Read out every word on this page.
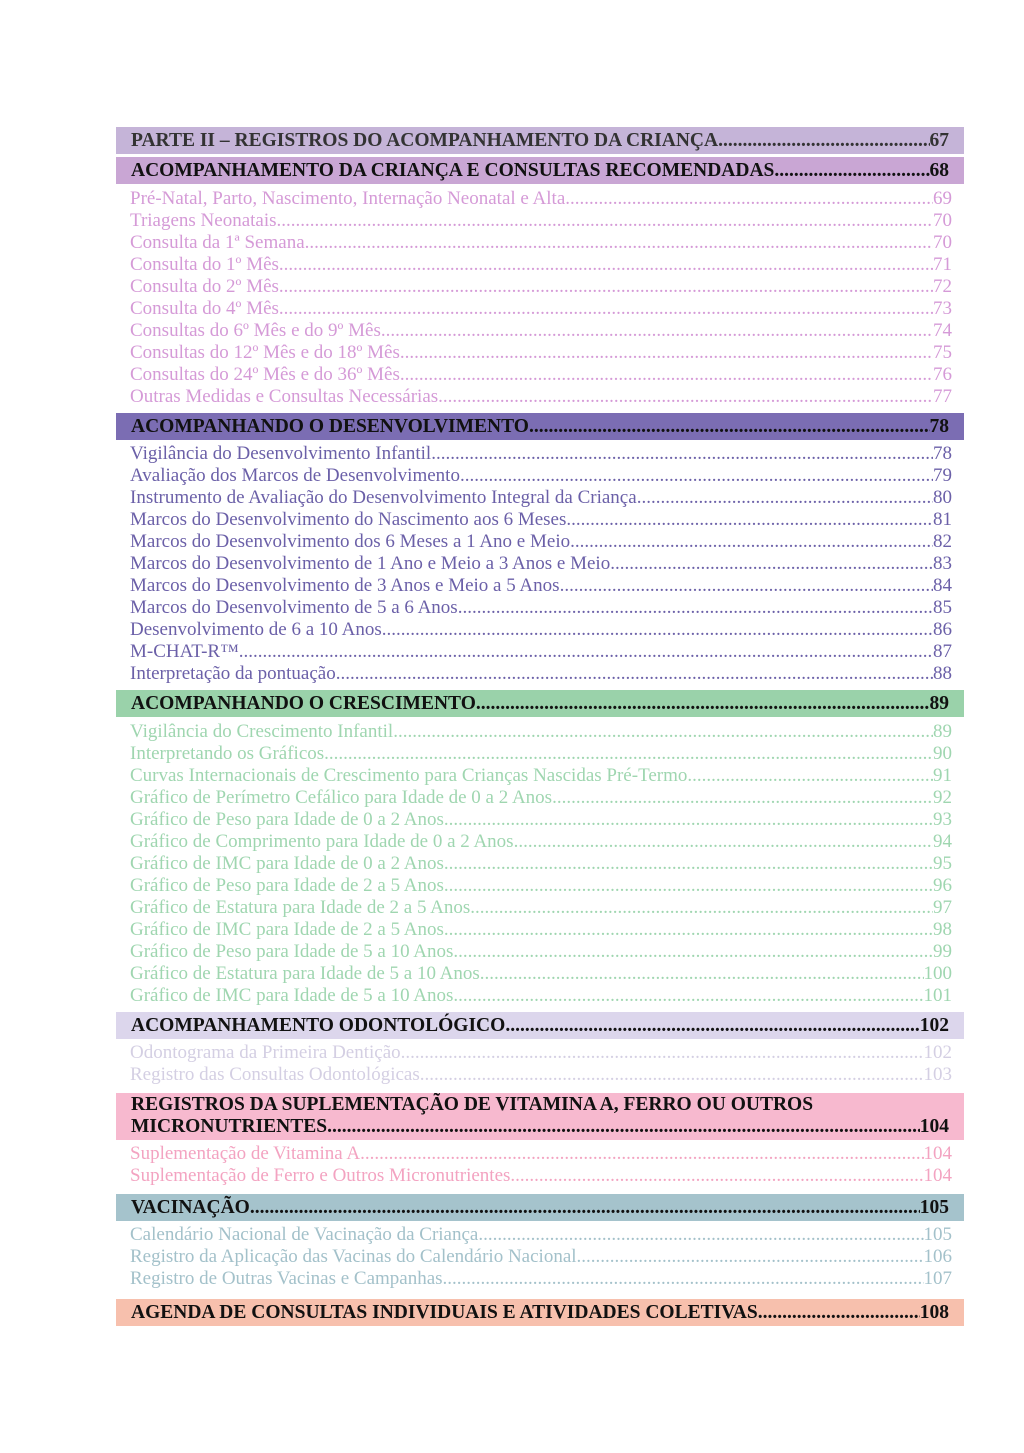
PARTE II – REGISTROS DO ACOMPANHAMENTO DA CRIANÇA .....	67
ACOMPANHAMENTO DA CRIANÇA E CONSULTAS RECOMENDADAS .....	68
Pré-Natal, Parto, Nascimento, Internação Neonatal e Alta .....	69
Triagens Neonatais .....	70
Consulta da 1ª Semana .....	70
Consulta do 1º Mês .....	71
Consulta do 2º Mês .....	72
Consulta do 4º Mês .....	73
Consultas do 6º Mês e do 9º Mês .....	74
Consultas do 12º Mês e do 18º Mês .....	75
Consultas do 24º Mês e do 36º Mês .....	76
Outras Medidas e Consultas Necessárias .....	77
ACOMPANHANDO O DESENVOLVIMENTO .....	78
Vigilância do Desenvolvimento Infantil .....	78
Avaliação dos Marcos de Desenvolvimento .....	79
Instrumento de Avaliação do Desenvolvimento Integral da Criança .....	80
Marcos do Desenvolvimento do Nascimento aos 6 Meses .....	81
Marcos do Desenvolvimento dos 6 Meses a 1 Ano e Meio .....	82
Marcos do Desenvolvimento de 1 Ano e Meio a 3 Anos e Meio .....	83
Marcos do Desenvolvimento de 3 Anos e Meio a 5 Anos .....	84
Marcos do Desenvolvimento de 5 a 6 Anos .....	85
Desenvolvimento de 6 a 10 Anos .....	86
M-CHAT-R™ .....	87
Interpretação da pontuação .....	88
ACOMPANHANDO O CRESCIMENTO .....	89
Vigilância do Crescimento Infantil .....	89
Interpretando os Gráficos .....	90
Curvas Internacionais de Crescimento para Crianças Nascidas Pré-Termo .....	91
Gráfico de Perímetro Cefálico para Idade de 0 a 2 Anos .....	92
Gráfico de Peso para Idade de 0 a 2 Anos .....	93
Gráfico de Comprimento para Idade de 0 a 2 Anos .....	94
Gráfico de IMC para Idade de 0 a 2 Anos .....	95
Gráfico de Peso para Idade de 2 a 5 Anos .....	96
Gráfico de Estatura para Idade de 2 a 5 Anos .....	97
Gráfico de IMC para Idade de 2 a 5 Anos .....	98
Gráfico de Peso para Idade de 5 a 10 Anos .....	99
Gráfico de Estatura para Idade de 5 a 10 Anos .....	100
Gráfico de IMC para Idade de 5 a 10 Anos .....	101
ACOMPANHAMENTO ODONTOLÓGICO .....	102
Odontograma da Primeira Dentição .....	102
Registro das Consultas Odontológicas .....	103
REGISTROS DA SUPLEMENTAÇÃO DE VITAMINA A, FERRO OU OUTROS
MICRONUTRIENTES .....	104
Suplementação de Vitamina A. .....	104
Suplementação de Ferro e Outros Micronutrientes .....	104
VACINAÇÃO .....	105
Calendário Nacional de Vacinação da Criança .....	105
Registro da Aplicação das Vacinas do Calendário Nacional .....	106
Registro de Outras Vacinas e Campanhas .....	107
AGENDA DE CONSULTAS INDIVIDUAIS E ATIVIDADES COLETIVAS .....	108
